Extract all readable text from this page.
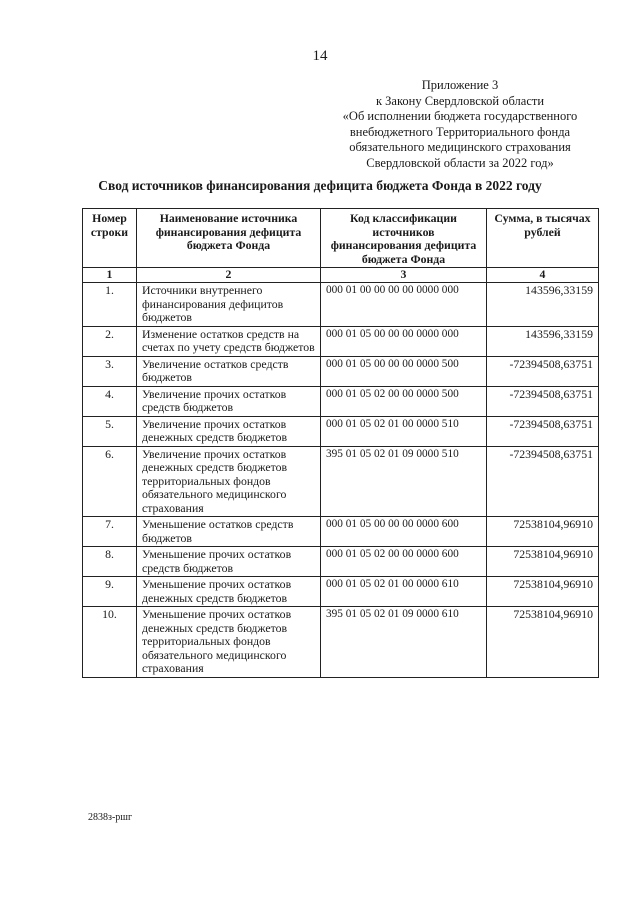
14
Приложение 3
к Закону Свердловской области
«Об исполнении бюджета государственного
внебюджетного Территориального фонда
обязательного медицинского страхования
Свердловской области за 2022 год»
Свод источников финансирования дефицита бюджета Фонда в 2022 году
Номер строки	Наименование источника финансирования дефицита бюджета Фонда	Код классификации источников финансирования дефицита бюджета Фонда	Сумма, в тысячах рублей
1	2	3	4
1.	Источники внутреннего финансирования дефицитов бюджетов	000 01 00 00 00 00 0000 000	143596,33159
2.	Изменение остатков средств на счетах по учету средств бюджетов	000 01 05 00 00 00 0000 000	143596,33159
3.	Увеличение остатков средств бюджетов	000 01 05 00 00 00 0000 500	-72394508,63751
4.	Увеличение прочих остатков средств бюджетов	000 01 05 02 00 00 0000 500	-72394508,63751
5.	Увеличение прочих остатков денежных средств бюджетов	000 01 05 02 01 00 0000 510	-72394508,63751
6.	Увеличение прочих остатков денежных средств бюджетов территориальных фондов обязательного медицинского страхования	395 01 05 02 01 09 0000 510	-72394508,63751
7.	Уменьшение остатков средств бюджетов	000 01 05 00 00 00 0000 600	72538104,96910
8.	Уменьшение прочих остатков средств бюджетов	000 01 05 02 00 00 0000 600	72538104,96910
9.	Уменьшение прочих остатков денежных средств бюджетов	000 01 05 02 01 00 0000 610	72538104,96910
10.	Уменьшение прочих остатков денежных средств бюджетов территориальных фондов обязательного медицинского страхования	395 01 05 02 01 09 0000 610	72538104,96910
2838з-ршг
